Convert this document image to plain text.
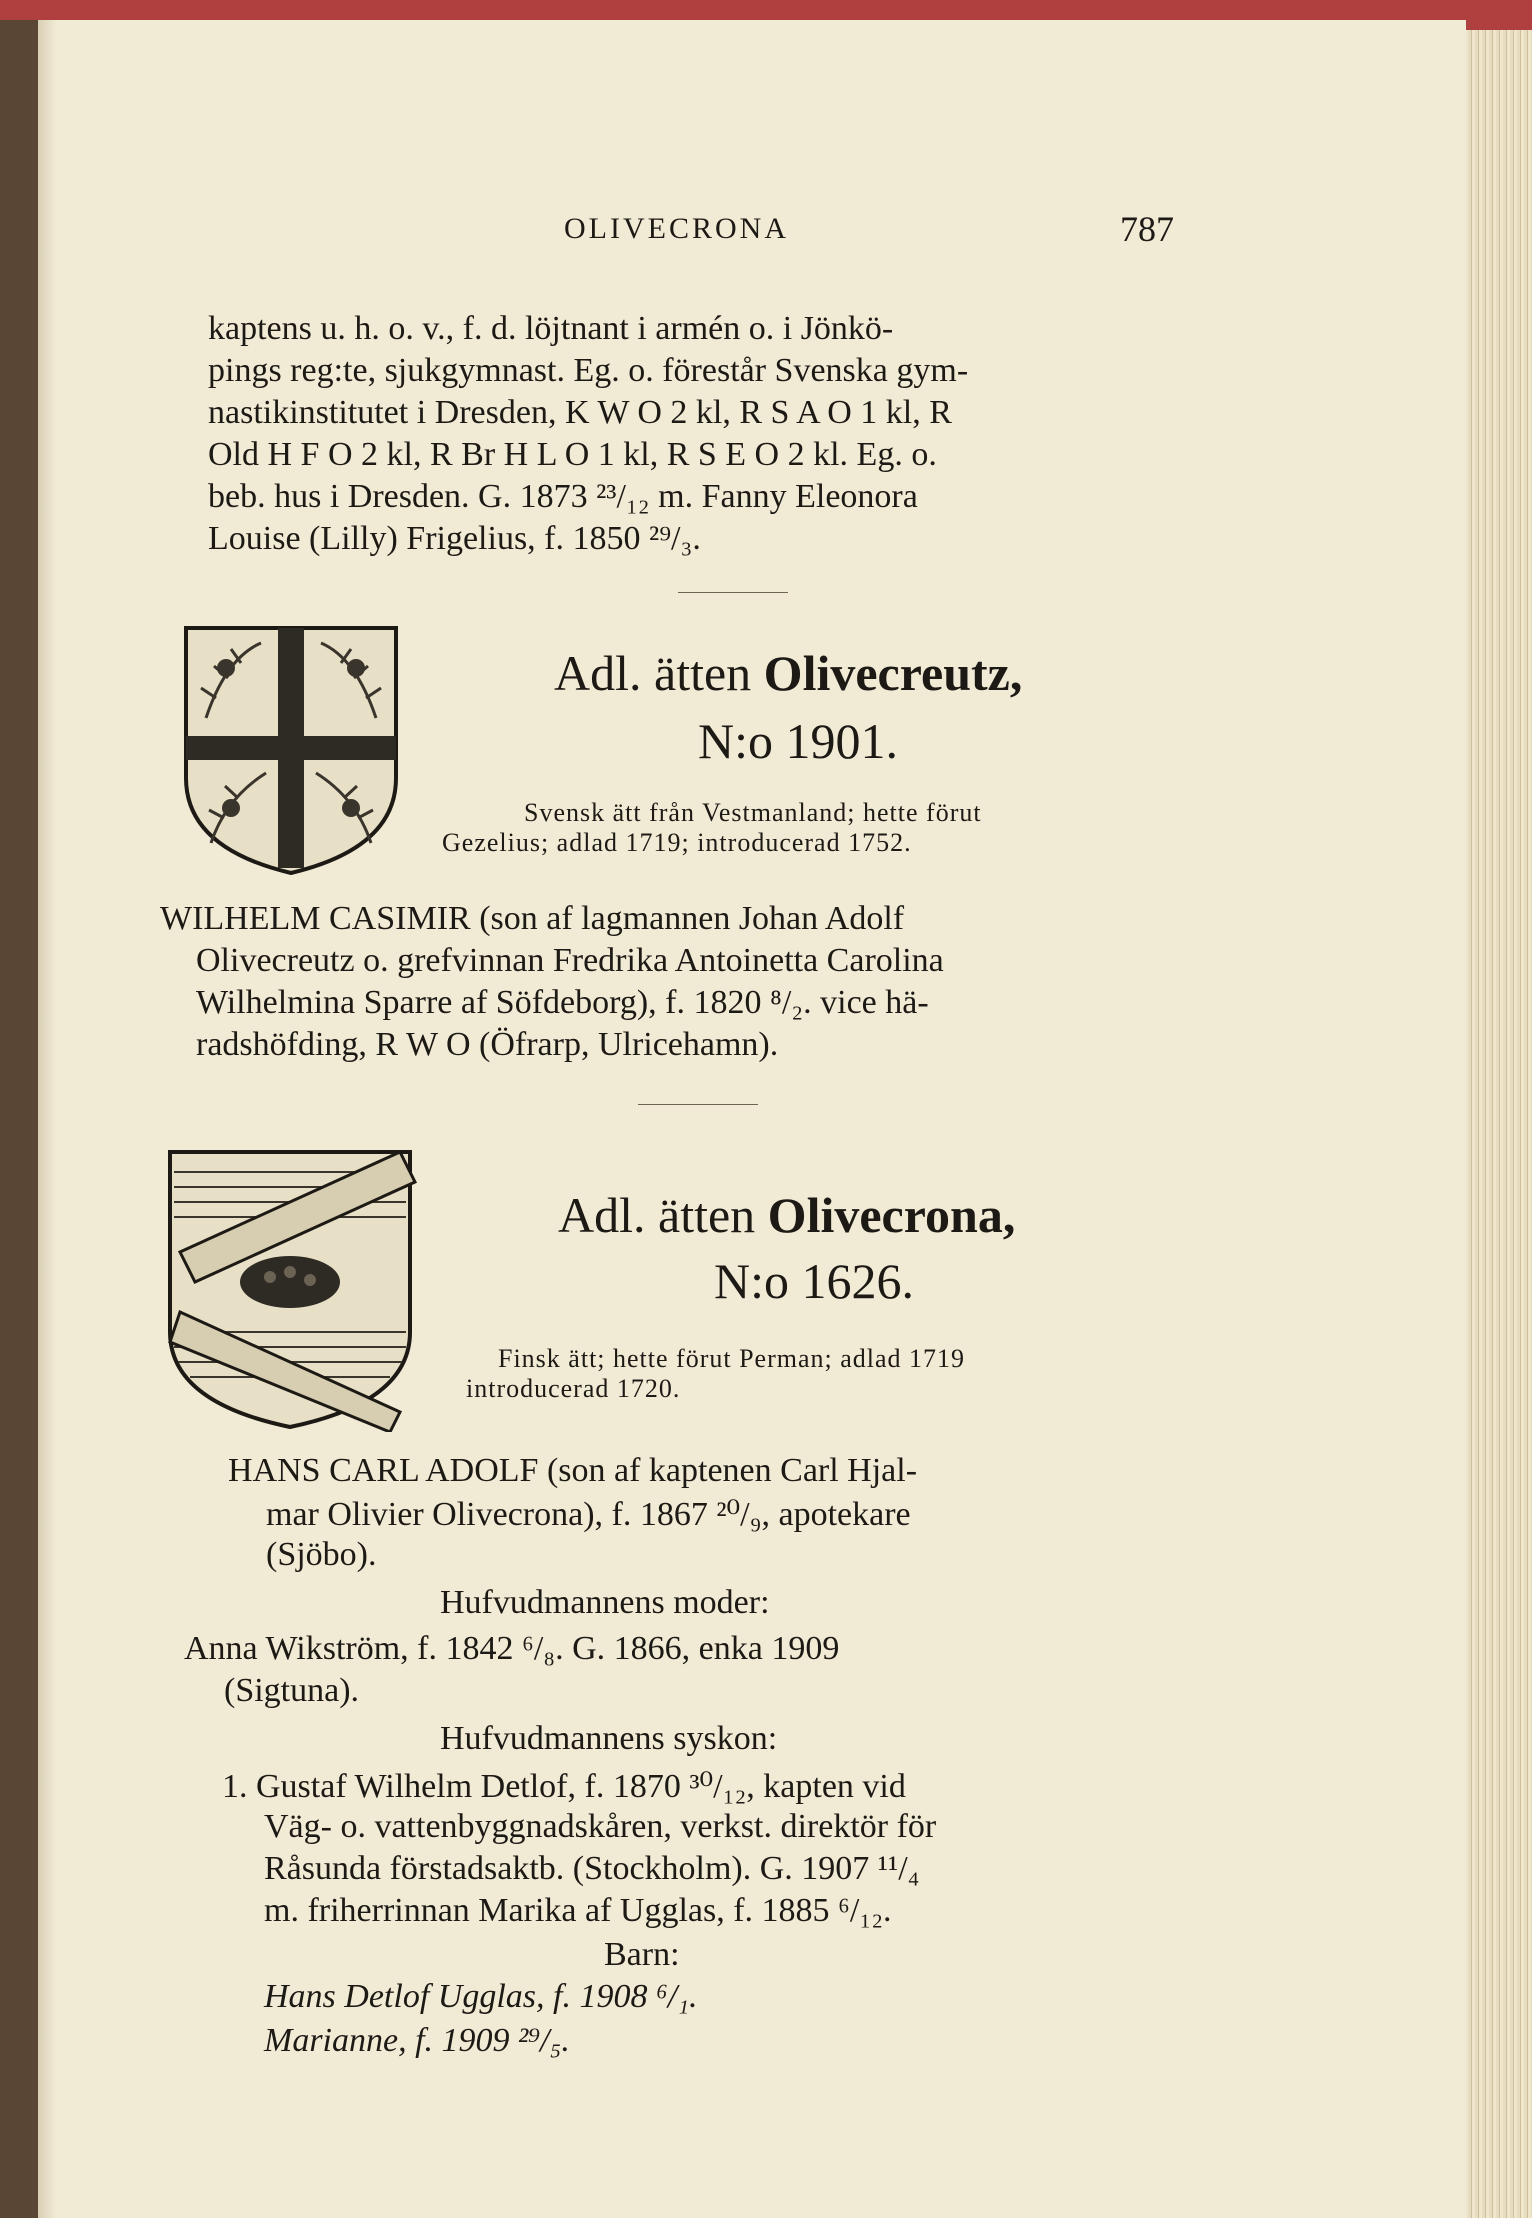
OLIVECRONA	787
kaptens u. h. o. v., f. d. löjtnant i armén o. i Jönkö-
pings reg:te, sjukgymnast. Eg. o. förestår Svenska gym-
nastikinstitutet i Dresden, K W O 2 kl, R S A O 1 kl, R
Old H F O 2 kl, R Br H L O 1 kl, R S E O 2 kl. Eg. o.
beb. hus i Dresden. G. 1873 ²³/₁₂ m. Fanny Eleonora
Louise (Lilly) Frigelius, f. 1850 ²⁹/₃.
Adl. ätten Olivecreutz,
N:o 1901.
Svensk ätt från Vestmanland; hette förut
Gezelius; adlad 1719; introducerad 1752.
WILHELM CASIMIR (son af lagmannen Johan Adolf
Olivecreutz o. grefvinnan Fredrika Antoinetta Carolina
Wilhelmina Sparre af Söfdeborg), f. 1820 ⁸/₂. vice hä-
radshöfding, R W O (Öfrarp, Ulricehamn).
Adl. ätten Olivecrona,
N:o 1626.
Finsk ätt; hette förut Perman; adlad 1719
introducerad 1720.
HANS CARL ADOLF (son af kaptenen Carl Hjal-
mar Olivier Olivecrona), f. 1867 ²⁰/₉, apotekare
(Sjöbo).
Hufvudmannens moder:
Anna Wikström, f. 1842 ⁶/₈. G. 1866, enka 1909
(Sigtuna).
Hufvudmannens syskon:
1. Gustaf Wilhelm Detlof, f. 1870 ³⁰/₁₂, kapten vid
Väg- o. vattenbyggnadskåren, verkst. direktör för
Råsunda förstadsaktb. (Stockholm). G. 1907 ¹¹/₄
m. friherrinnan Marika af Ugglas, f. 1885 ⁶/₁₂.
Barn:
Hans Detlof Ugglas, f. 1908 ⁶/₁.
Marianne, f. 1909 ²⁹/₅.
